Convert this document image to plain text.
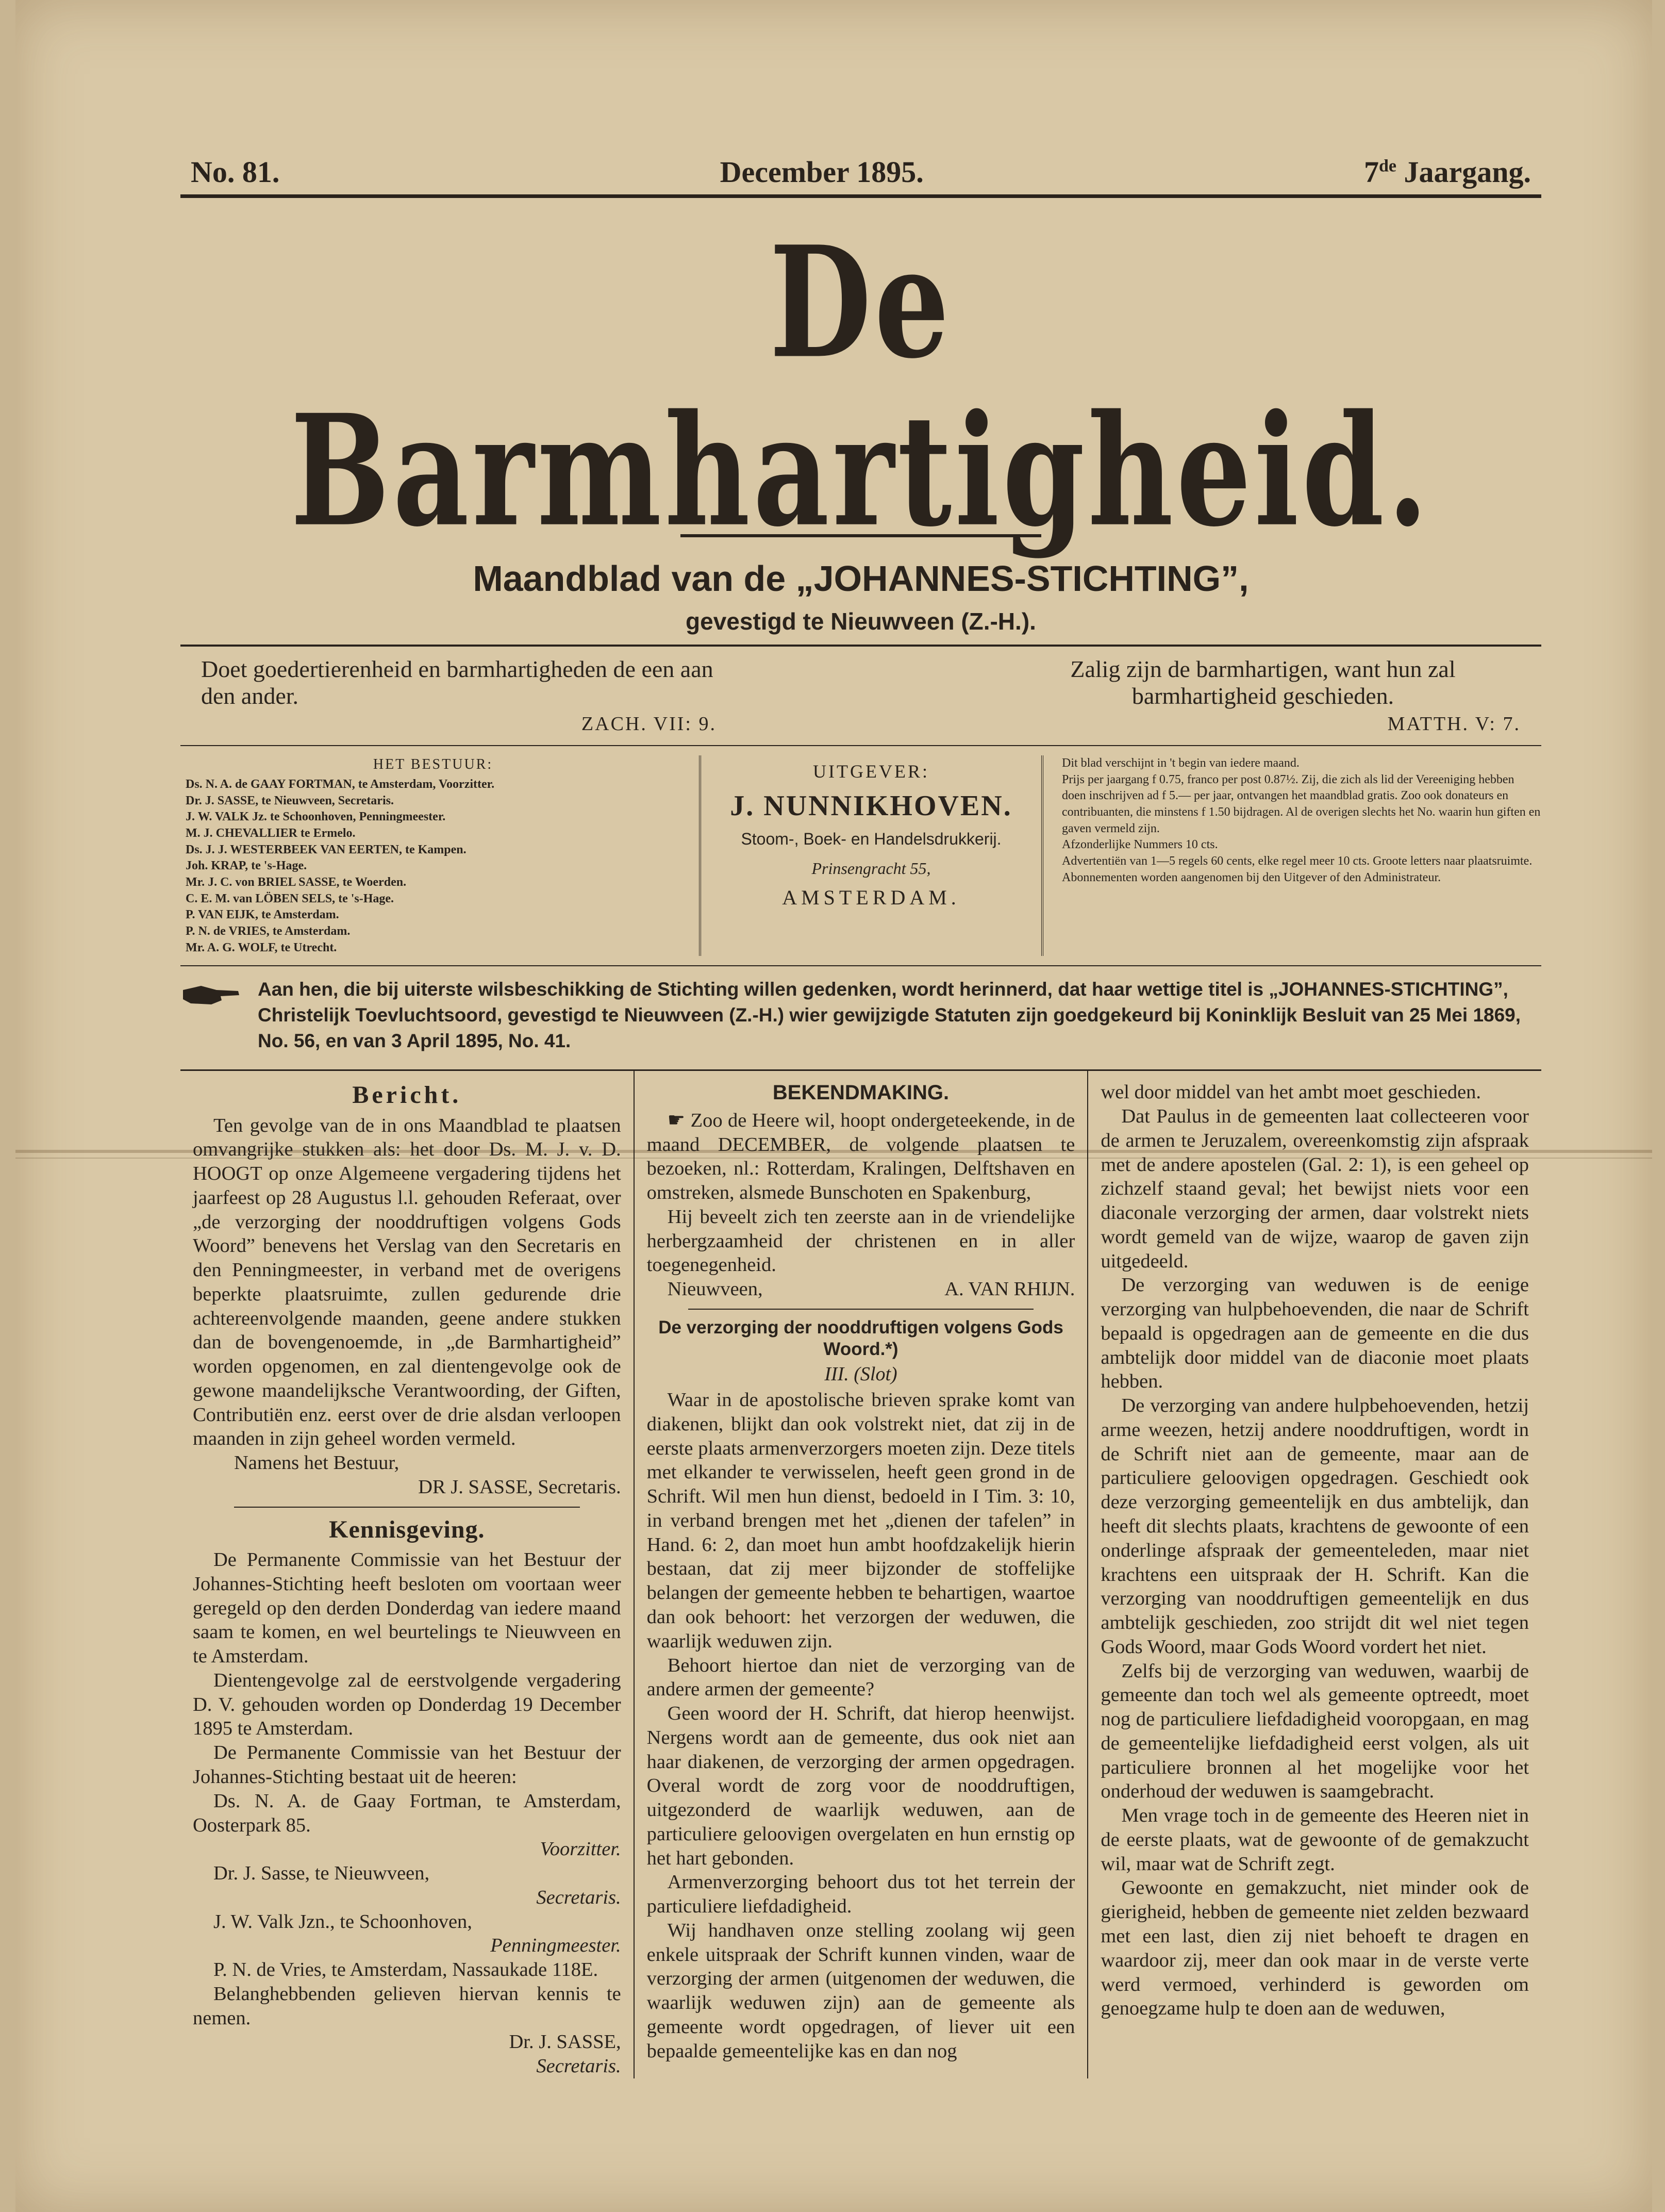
No. 81.	December 1895.	7de Jaargang.
De Barmhartigheid.
Maandblad van de „JOHANNES-STICHTING”,
gevestigd te Nieuwveen (Z.-H.).
Doet goedertierenheid en barmhartigheden de een aan den ander.
ZACH. VII: 9.
Zalig zijn de barmhartigen, want hun zal barmhartigheid geschieden.
MATTH. V: 7.
HET BESTUUR:
Ds. N. A. de GAAY FORTMAN, te Amsterdam, Voorzitter.
Dr. J. SASSE, te Nieuwveen, Secretaris.
J. W. VALK Jz. te Schoonhoven, Penningmeester.
M. J. CHEVALLIER te Ermelo.
Ds. J. J. WESTERBEEK VAN EERTEN, te Kampen.
Joh. KRAP, te 's-Hage.
Mr. J. C. von BRIEL SASSE, te Woerden.
C. E. M. van LÖBEN SELS, te 's-Hage.
P. VAN EIJK, te Amsterdam.
P. N. de VRIES, te Amsterdam.
Mr. A. G. WOLF, te Utrecht.
UITGEVER:
J. NUNNIKHOVEN.
Stoom-, Boek- en Handelsdrukkerij.
Prinsengracht 55,
AMSTERDAM.
Dit blad verschijnt in 't begin van iedere maand.
Prijs per jaargang f 0.75, franco per post 0.87½. Zij, die zich als lid der Vereeniging hebben doen inschrijven ad f 5.— per jaar, ontvangen het maandblad gratis. Zoo ook donateurs en contribuanten, die minstens f 1.50 bijdragen. Al de overigen slechts het No. waarin hun giften en gaven vermeld zijn.
Afzonderlijke Nummers 10 cts.
Advertentiën van 1—5 regels 60 cents, elke regel meer 10 cts. Groote letters naar plaatsruimte.
Abonnementen worden aangenomen bij den Uitgever of den Administrateur.
Aan hen, die bij uiterste wilsbeschikking de Stichting willen gedenken, wordt herinnerd, dat haar wettige titel is „JOHANNES-STICHTING”, Christelijk Toevluchtsoord, gevestigd te Nieuwveen (Z.-H.) wier gewijzigde Statuten zijn goedgekeurd bij Koninklijk Besluit van 25 Mei 1869, No. 56, en van 3 April 1895, No. 41.
Bericht.

Ten gevolge van de in ons Maandblad te plaatsen omvangrijke stukken als: het door Ds. M. J. v. D. HOOGT op onze Algemeene vergadering tijdens het jaarfeest op 28 Augustus l.l. gehouden Referaat, over „de verzorging der nooddruftigen volgens Gods Woord” benevens het Verslag van den Secretaris en den Penningmeester, in verband met de overigens beperkte plaatsruimte, zullen gedurende drie achtereenvolgende maanden, geene andere stukken dan de bovengenoemde, in „de Barmhartigheid” worden opgenomen, en zal dientengevolge ook de gewone maandelijksche Verantwoording, der Giften, Contributiën enz. eerst over de drie alsdan verloopen maanden in zijn geheel worden vermeld.

Namens het Bestuur,

DR J. SASSE, Secretaris.

Kennisgeving.

De Permanente Commissie van het Bestuur der Johannes-Stichting heeft besloten om voortaan weer geregeld op den derden Donderdag van iedere maand saam te komen, en wel beurtelings te Nieuwveen en te Amsterdam.

Dientengevolge zal de eerstvolgende vergadering D. V. gehouden worden op Donderdag 19 December 1895 te Amsterdam.

De Permanente Commissie van het Bestuur der Johannes-Stichting bestaat uit de heeren:

Ds. N. A. de Gaay Fortman, te Amsterdam, Oosterpark 85.

Voorzitter.

Dr. J. Sasse, te Nieuwveen,

Secretaris.

J. W. Valk Jzn., te Schoonhoven,

Penningmeester.

P. N. de Vries, te Amsterdam, Nassaukade 118E.

Belanghebbenden gelieven hiervan kennis te nemen.

Dr. J. SASSE,

Secretaris.

BEKENDMAKING.

☛ Zoo de Heere wil, hoopt ondergeteekende, in de maand DECEMBER, de volgende plaatsen te bezoeken, nl.: Rotterdam, Kralingen, Delftshaven en omstreken, alsmede Bunschoten en Spakenburg,

Hij beveelt zich ten zeerste aan in de vriendelijke herbergzaamheid der christenen en in aller toegenegenheid.

Nieuwveen,	A. VAN RHIJN.

De verzorging der nooddruftigen volgens Gods Woord.*)
III. (Slot)

Waar in de apostolische brieven sprake komt van diakenen, blijkt dan ook volstrekt niet, dat zij in de eerste plaats armenverzorgers moeten zijn. Deze titels met elkander te verwisselen, heeft geen grond in de Schrift. Wil men hun dienst, bedoeld in I Tim. 3: 10, in verband brengen met het „dienen der tafelen” in Hand. 6: 2, dan moet hun ambt hoofdzakelijk hierin bestaan, dat zij meer bijzonder de stoffelijke belangen der gemeente hebben te behartigen, waartoe dan ook behoort: het verzorgen der weduwen, die waarlijk weduwen zijn.

Behoort hiertoe dan niet de verzorging van de andere armen der gemeente?

Geen woord der H. Schrift, dat hierop heenwijst. Nergens wordt aan de gemeente, dus ook niet aan haar diakenen, de verzorging der armen opgedragen. Overal wordt de zorg voor de nooddruftigen, uitgezonderd de waarlijk weduwen, aan de particuliere geloovigen overgelaten en hun ernstig op het hart gebonden.

Armenverzorging behoort dus tot het terrein der particuliere liefdadigheid.

Wij handhaven onze stelling zoolang wij geen enkele uitspraak der Schrift kunnen vinden, waar de verzorging der armen (uitgenomen der weduwen, die waarlijk weduwen zijn) aan de gemeente als gemeente wordt opgedragen, of liever uit een bepaalde gemeentelijke kas en dan nog

wel door middel van het ambt moet geschieden.

Dat Paulus in de gemeenten laat collecteeren voor de armen te Jeruzalem, overeenkomstig zijn afspraak met de andere apostelen (Gal. 2: 1), is een geheel op zichzelf staand geval; het bewijst niets voor een diaconale verzorging der armen, daar volstrekt niets wordt gemeld van de wijze, waarop de gaven zijn uitgedeeld.

De verzorging van weduwen is de eenige verzorging van hulpbehoevenden, die naar de Schrift bepaald is opgedragen aan de gemeente en die dus ambtelijk door middel van de diaconie moet plaats hebben.

De verzorging van andere hulpbehoevenden, hetzij arme weezen, hetzij andere nooddruftigen, wordt in de Schrift niet aan de gemeente, maar aan de particuliere geloovigen opgedragen. Geschiedt ook deze verzorging gemeentelijk en dus ambtelijk, dan heeft dit slechts plaats, krachtens de gewoonte of een onderlinge afspraak der gemeenteleden, maar niet krachtens een uitspraak der H. Schrift. Kan die verzorging van nooddruftigen gemeentelijk en dus ambtelijk geschieden, zoo strijdt dit wel niet tegen Gods Woord, maar Gods Woord vordert het niet.

Zelfs bij de verzorging van weduwen, waarbij de gemeente dan toch wel als gemeente optreedt, moet nog de particuliere liefdadigheid vooropgaan, en mag de gemeentelijke liefdadigheid eerst volgen, als uit particuliere bronnen al het mogelijke voor het onderhoud der weduwen is saamgebracht.

Men vrage toch in de gemeente des Heeren niet in de eerste plaats, wat de gewoonte of de gemakzucht wil, maar wat de Schrift zegt.

Gewoonte en gemakzucht, niet minder ook de gierigheid, hebben de gemeente niet zelden bezwaard met een last, dien zij niet behoeft te dragen en waardoor zij, meer dan ook maar in de verste verte werd vermoed, verhinderd is geworden om genoegzame hulp te doen aan de weduwen,
